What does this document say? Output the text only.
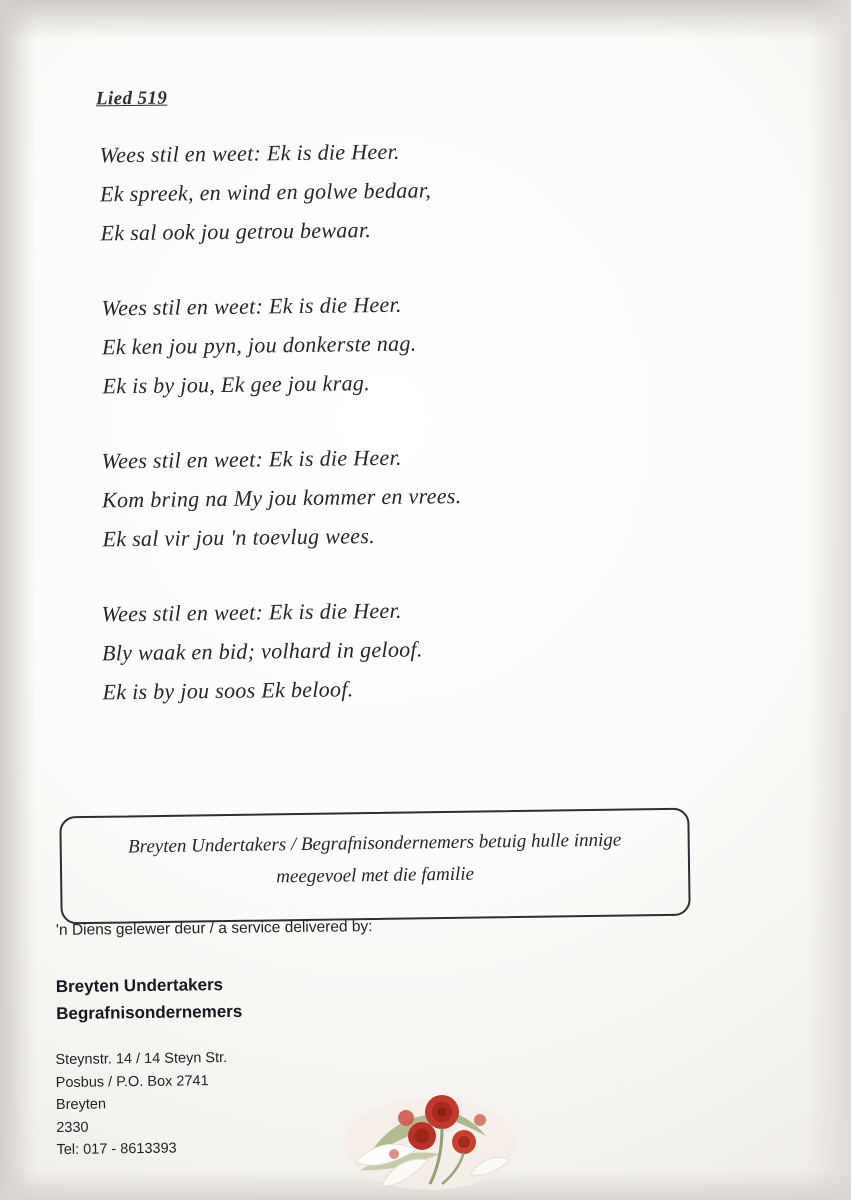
Lied 519
Wees stil en weet: Ek is die Heer.
Ek spreek, en wind en golwe bedaar,
Ek sal ook jou getrou bewaar.
Wees stil en weet: Ek is die Heer.
Ek ken jou pyn, jou donkerste nag.
Ek is by jou, Ek gee jou krag.
Wees stil en weet: Ek is die Heer.
Kom bring na My jou kommer en vrees.
Ek sal vir jou 'n toevlug wees.
Wees stil en weet: Ek is die Heer.
Bly waak en bid; volhard in geloof.
Ek is by jou soos Ek beloof.
Breyten Undertakers / Begrafnisondernemers betuig hulle innige
meegevoel met die familie
'n Diens gelewer deur / a service delivered by:
Breyten Undertakers
Begrafnisondernemers
Steynstr. 14 / 14 Steyn Str.
Posbus / P.O. Box 2741
Breyten
2330
Tel: 017 - 8613393
